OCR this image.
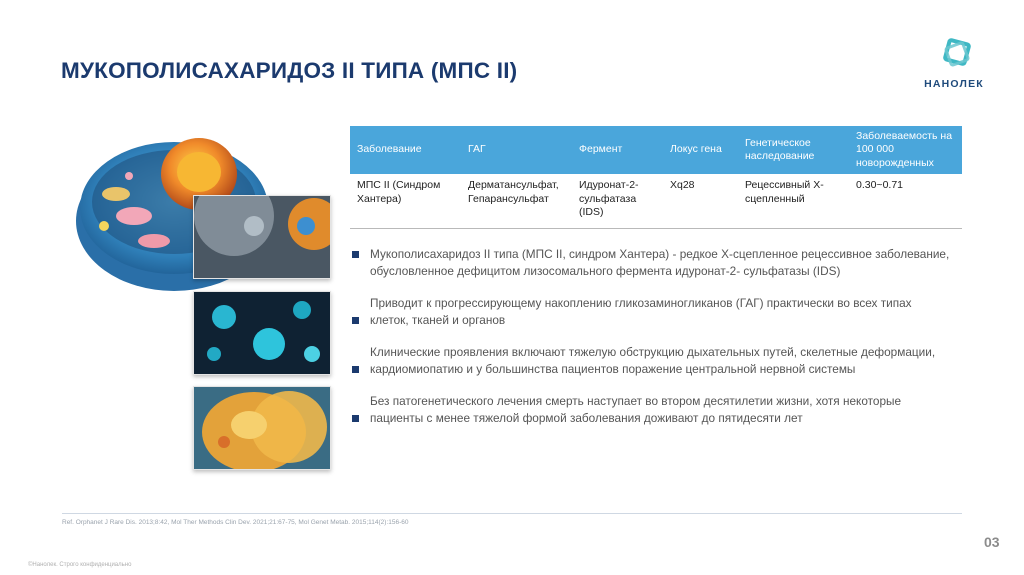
МУКОПОЛИСАХАРИДОЗ II ТИПА (МПС II)
НАНОЛЕК
Заболевание	ГАГ	Фермент	Локус гена	Генетическое наследование	Заболеваемость на 100 000 новорожденных
МПС II (Синдром Хантера)	Дерматансульфат, Гепарансульфат	Идуронат-2-сульфатаза (IDS)	Xq28	Рецессивный X-сцепленный	0.30~0.71
Мукополисахаридоз II типа (МПС II, синдром Хантера) - редкое X-сцепленное рецессивное заболевание, обусловленное дефицитом лизосомального фермента идуронат-2- сульфатазы (IDS)
Приводит к прогрессирующему накоплению гликозаминогликанов (ГАГ) практически во всех типах клеток, тканей и органов
Клинические проявления включают тяжелую обструкцию дыхательных путей, скелетные деформации, кардиомиопатию и у большинства пациентов поражение центральной нервной системы
Без патогенетического лечения смерть наступает во втором десятилетии жизни, хотя некоторые пациенты с менее тяжелой формой заболевания доживают до пятидесяти лет
Ref. Orphanet J Rare Dis. 2013;8:42, Mol Ther Methods Clin Dev. 2021;21:67-75, Mol Genet Metab. 2015;114(2):156-60
03
©Нанолек. Строго конфиденциально
